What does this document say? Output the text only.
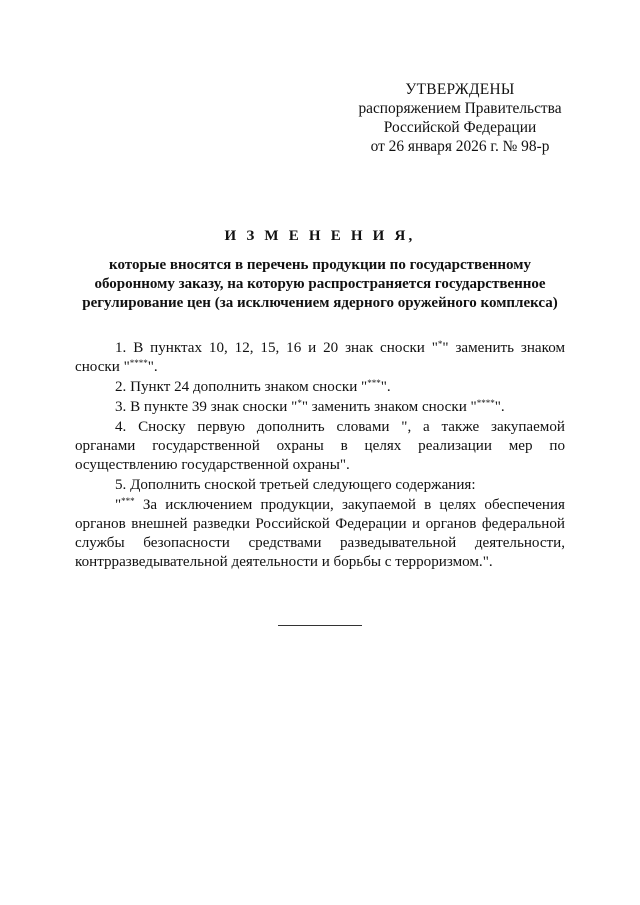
УТВЕРЖДЕНЫ
распоряжением Правительства
Российской Федерации
от 26 января 2026 г. № 98-р
И З М Е Н Е Н И Я,
которые вносятся в перечень продукции по государственному
оборонному заказу, на которую распространяется государственное
регулирование цен (за исключением ядерного оружейного комплекса)

1. В пунктах 10, 12, 15, 16 и 20 знак сноски "*" заменить знаком сноски "****".

2. Пункт 24 дополнить знаком сноски "***".

3. В пункте 39 знак сноски "*" заменить знаком сноски "****".

4. Сноску первую дополнить словами ", а также закупаемой органами государственной охраны в целях реализации мер по осуществлению государственной охраны".

5. Дополнить сноской третьей следующего содержания:

"*** За исключением продукции, закупаемой в целях обеспечения органов внешней разведки Российской Федерации и органов федеральной службы безопасности средствами разведывательной деятельности, контрразведывательной деятельности и борьбы с терроризмом.".
